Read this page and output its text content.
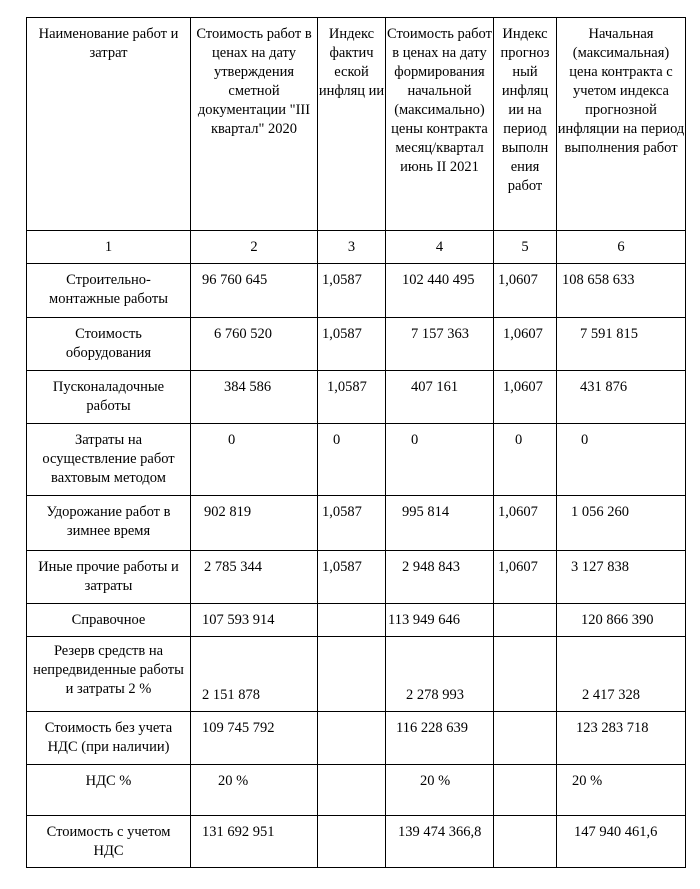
Наименование работ и затрат	Стоимость работ в ценах на дату утверждения сметной документации "III квартал" 2020	Индекс фактич еской инфляц ии	Стоимость работ в ценах на дату формирования начальной (максимально) цены контракта месяц/квартал июнь II 2021	Индекс прогноз ный инфляц ии на период выполн ения работ	Начальная (максимальная) цена контракта с учетом индекса прогнозной инфляции на период выполнения работ
1	2	3	4	5	6
Строительно-монтажные работы	96 760 645	1,0587	102 440 495	1,0607	108 658 633

Стоимость оборудования	6 760 520	1,0587	7 157 363	1,0607	7 591 815

Пусконаладочные работы	384 586	1,0587	407 161	1,0607	431 876

Затраты на осуществление работ вахтовым методом	0	0	0	0	0

Удорожание работ в зимнее время	902 819	1,0587	995 814	1,0607	1 056 260

Иные прочие работы и затраты	2 785 344	1,0587	2 948 843	1,0607	3 127 838

Справочное	107 593 914		113 949 646		120 866 390

Резерв средств на непредвиденные работы и затраты 2 %	2 151 878		2 278 993		2 417 328

Стоимость без учета НДС (при наличии)	109 745 792		116 228 639		123 283 718

НДС %	20 %		20 %		20 %

Стоимость с учетом НДС	131 692 951		139 474 366,8		147 940 461,6
